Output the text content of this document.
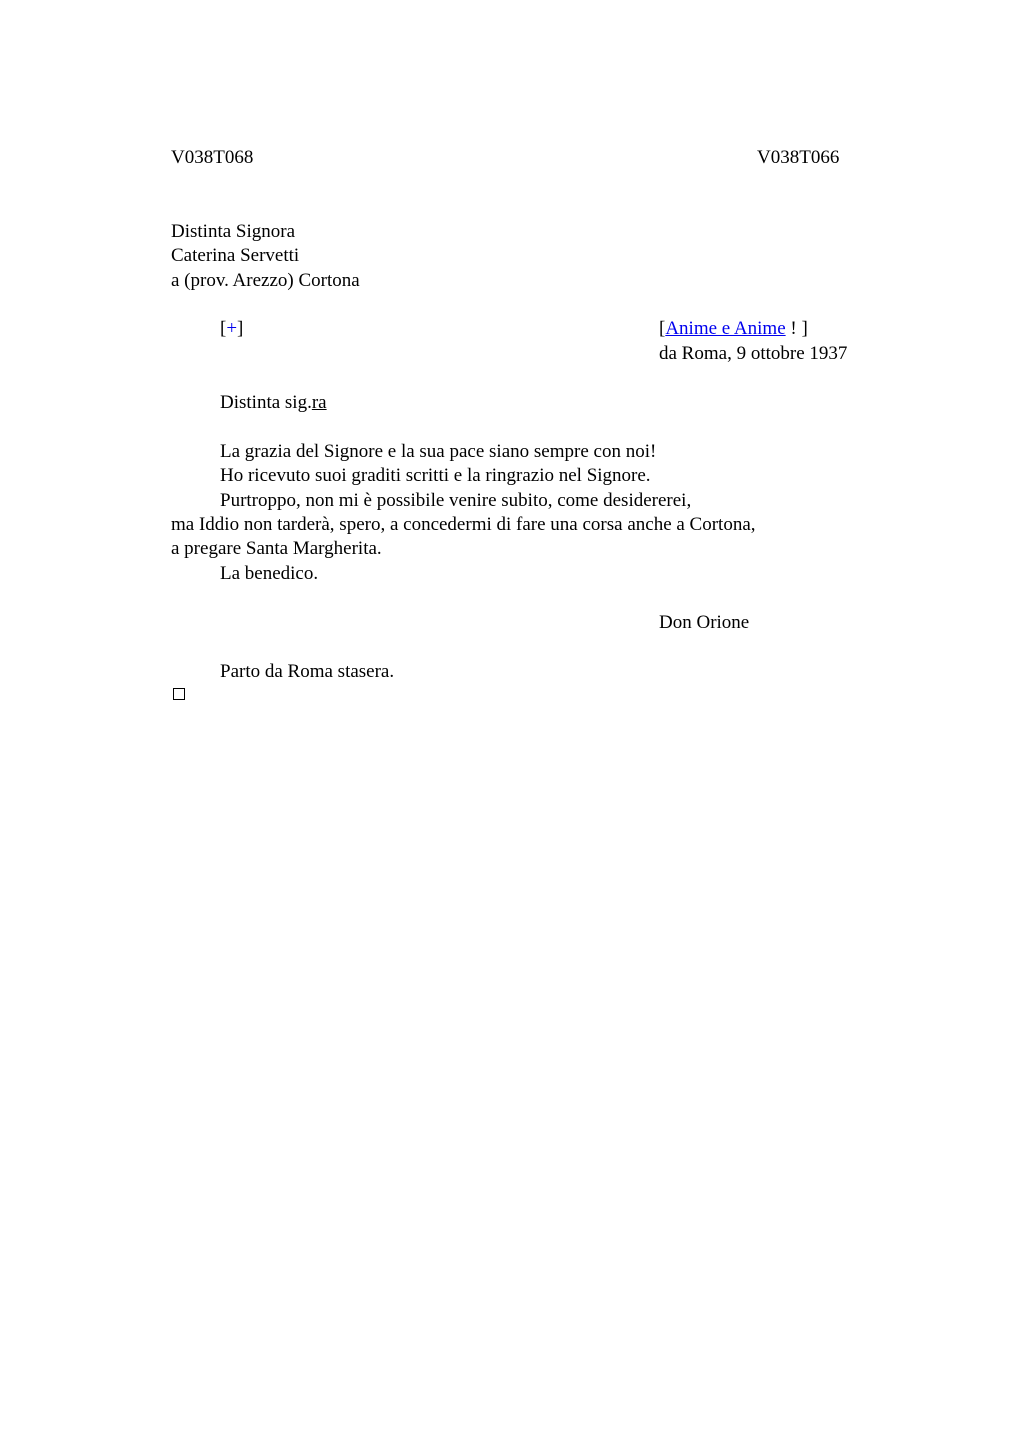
V038T068	V038T066
Distinta Signora
Caterina Servetti
a (prov. Arezzo) Cortona
[+]	[Anime e Anime ! ]
da Roma, 9 ottobre 1937
Distinta sig.ra
La grazia del Signore e la sua pace siano sempre con noi!
Ho ricevuto suoi graditi scritti e la ringrazio nel Signore.
Purtroppo, non mi è possibile venire subito, come desidererei,
ma Iddio non tarderà, spero, a concedermi di fare una corsa anche a Cortona,
a pregare Santa Margherita.
La benedico.
Don Orione
Parto da Roma stasera.
